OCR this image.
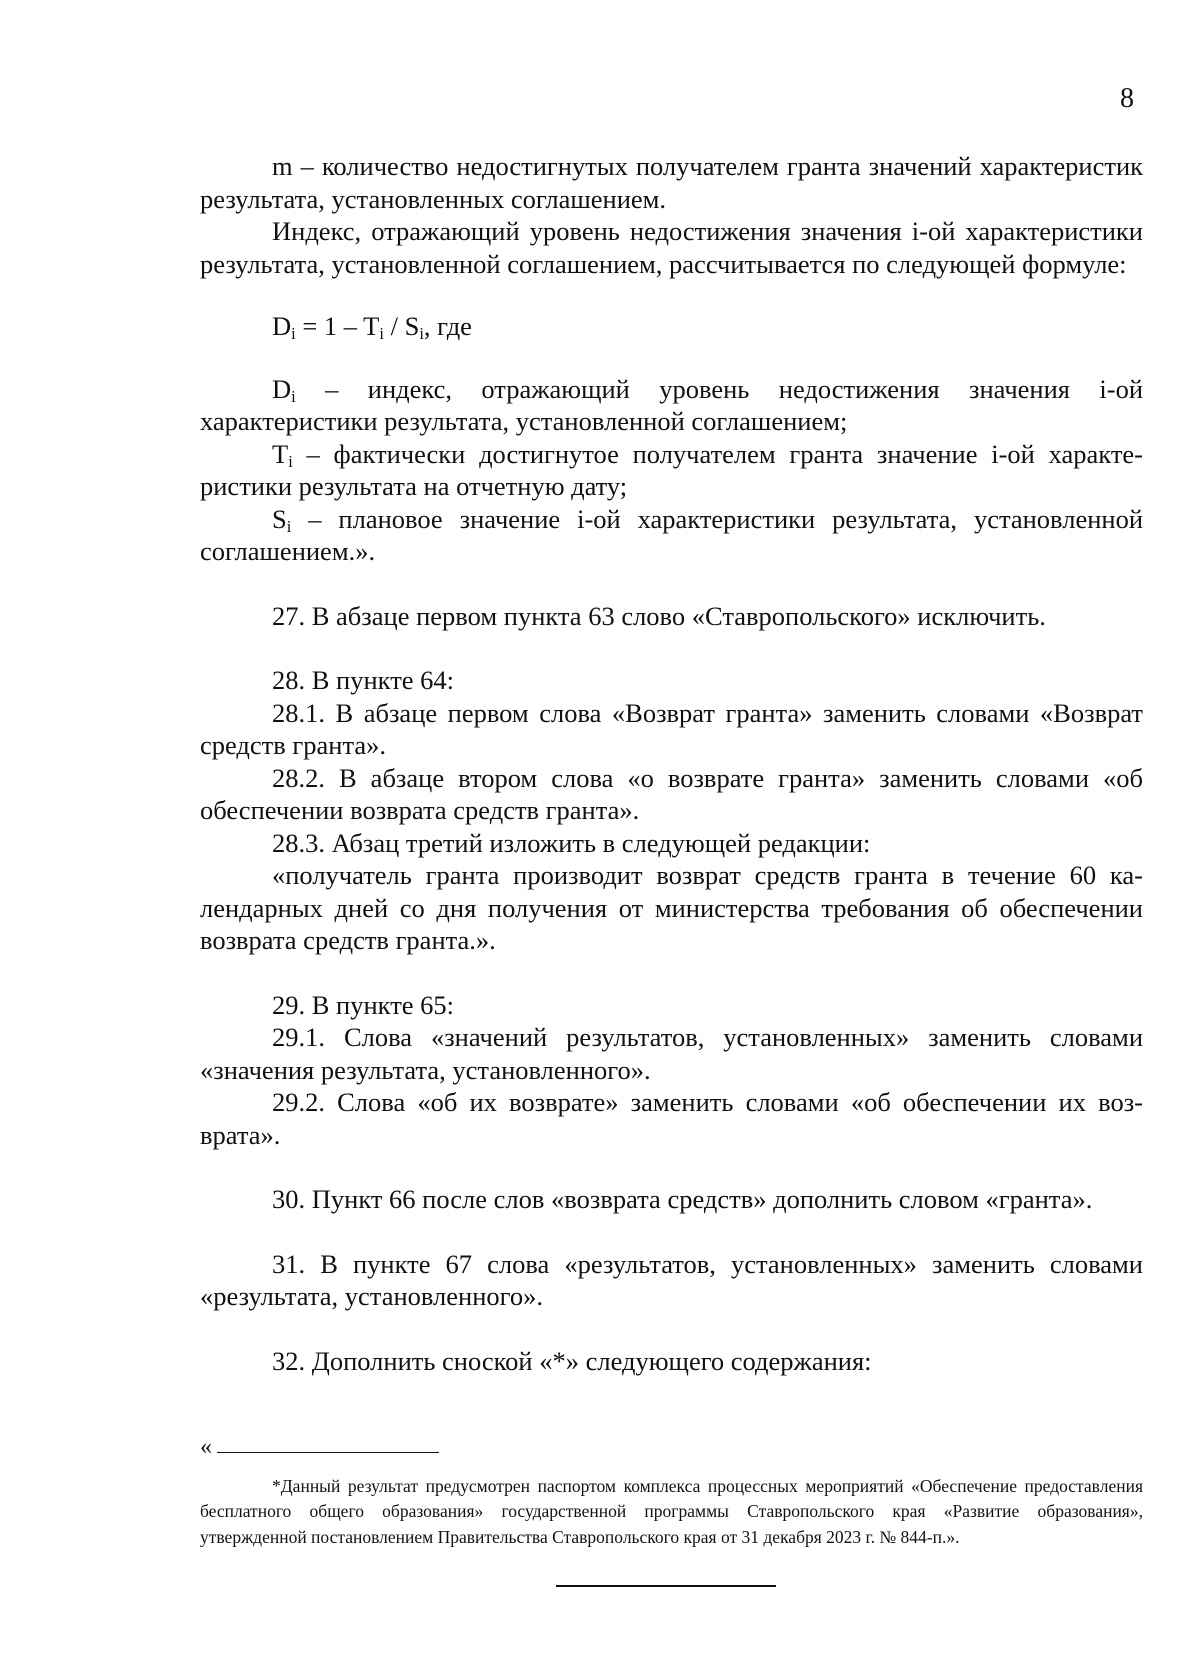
8

m – количество недостигнутых получателем гранта значений характеристик результата, установленных соглашением.

Индекс, отражающий уровень недостижения значения i-ой характеристики результата, установленной соглашением, рассчитывается по следующей формуле:

$D_i = 1 - T_i / S_i$, где

$D_i$ – индекс, отражающий уровень недостижения значения i-ой характеристики результата, установленной соглашением;

$T_i$ – фактически достигнутое получателем гранта значение i-ой характеристики результата на отчетную дату;

$S_i$ – плановое значение i-ой характеристики результата, установленной соглашением.».

27. В абзаце первом пункта 63 слово «Ставропольского» исключить.

28. В пункте 64:

28.1. В абзаце первом слова «Возврат гранта» заменить словами «Возврат средств гранта».

28.2. В абзаце втором слова «о возврате гранта» заменить словами «об обеспечении возврата средств гранта».

28.3. Абзац третий изложить в следующей редакции:

«получатель гранта производит возврат средств гранта в течение 60 календарных дней со дня получения от министерства требования об обеспечении возврата средств гранта.».

29. В пункте 65:

29.1. Слова «значений результатов, установленных» заменить словами «значения результата, установленного».

29.2. Слова «об их возврате» заменить словами «об обеспечении их возврата».

30. Пункт 66 после слов «возврата средств» дополнить словом «гранта».

31. В пункте 67 слова «результатов, установленных» заменить словами «результата, установленного».

32. Дополнить сноской «*» следующего содержания:

«

*Данный результат предусмотрен паспортом комплекса процессных мероприятий «Обеспечение предоставления бесплатного общего образования» государственной программы Ставропольского края «Развитие образования», утвержденной постановлением Правительства Ставропольского края от 31 декабря 2023 г. № 844-п.».
